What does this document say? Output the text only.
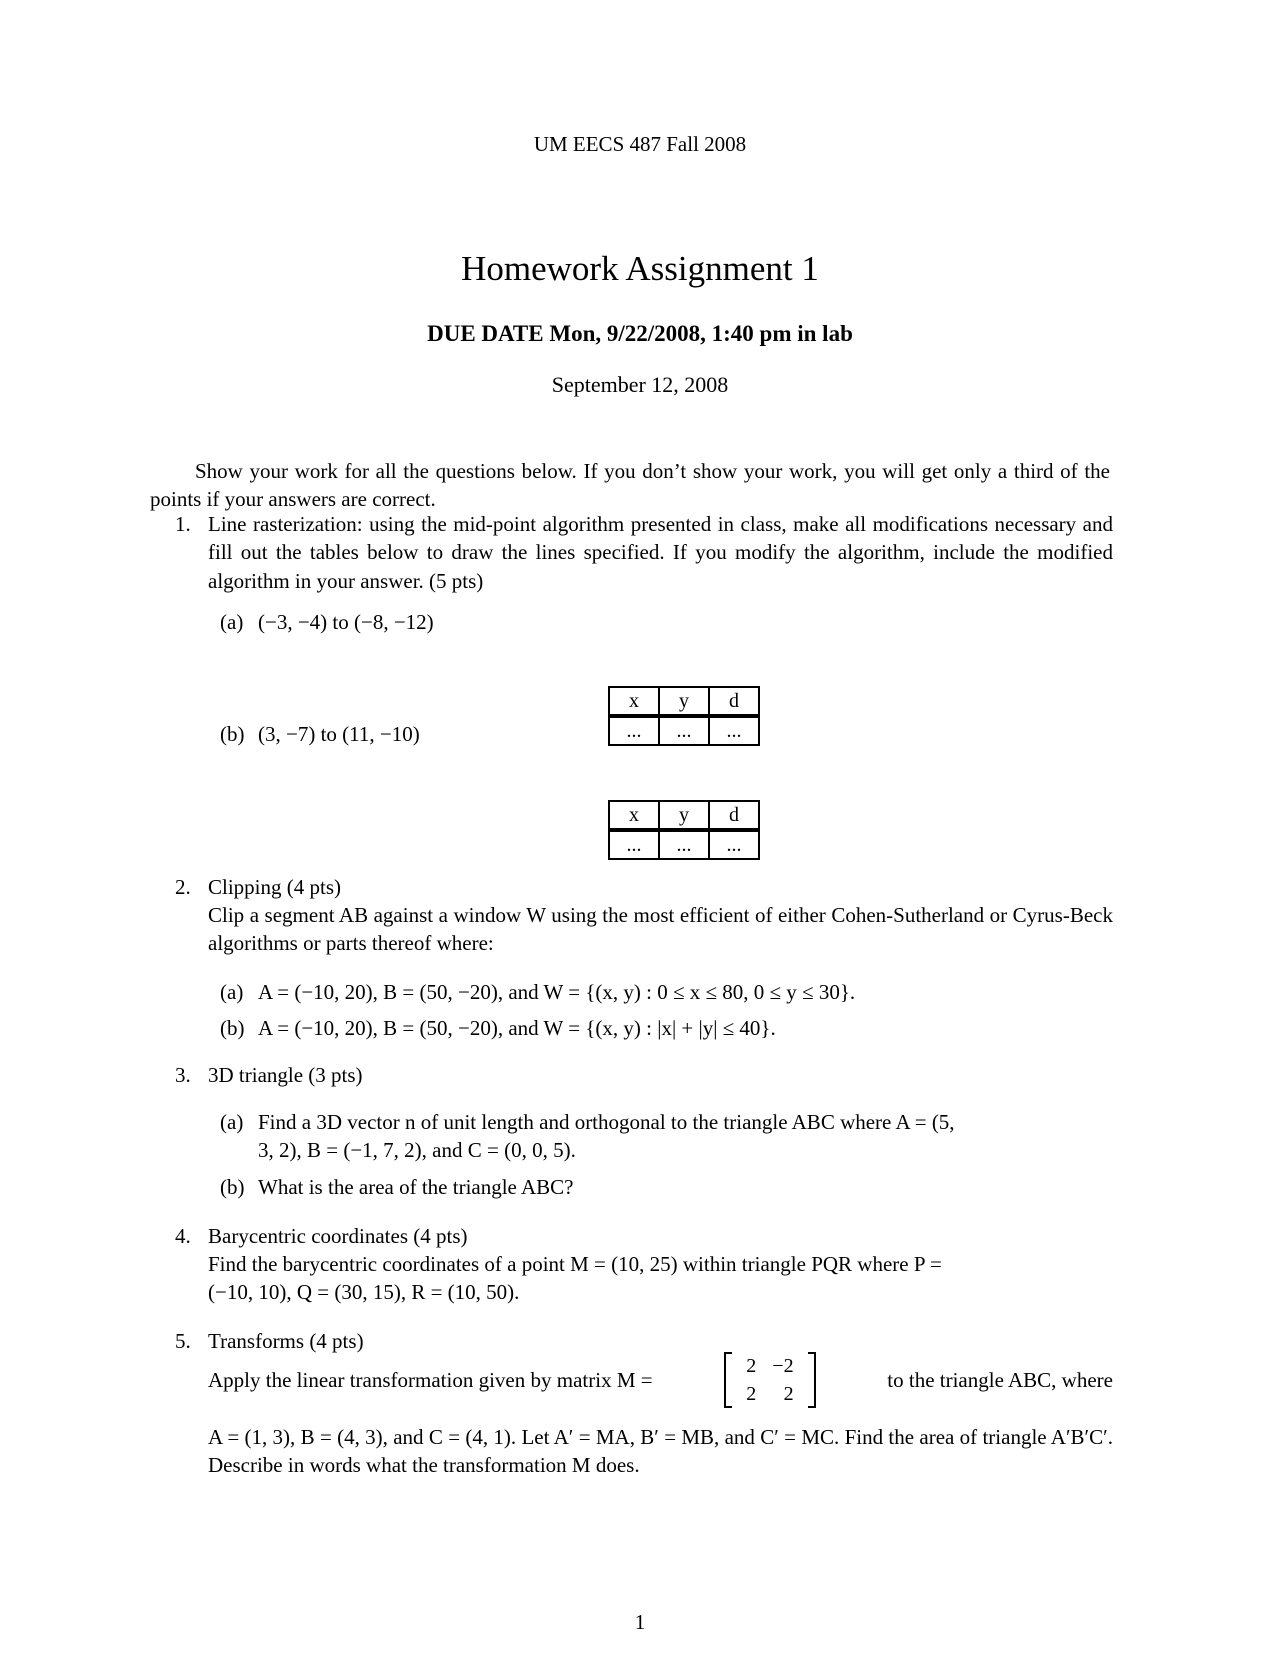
UM EECS 487 Fall 2008
Homework Assignment 1
DUE DATE Mon, 9/22/2008, 1:40 pm in lab
September 12, 2008
Show your work for all the questions below. If you don’t show your work, you will get only a third of the points if your answers are correct.
1. Line rasterization: using the mid-point algorithm presented in class, make all modifications necessary and fill out the tables below to draw the lines specified. If you modify the algorithm, include the modified algorithm in your answer. (5 pts)
(a) (−3, −4) to (−8, −12)
x	y	d
...	...	...
(b) (3, −7) to (11, −10)
x	y	d
...	...	...
2. Clipping (4 pts)
Clip a segment AB against a window W using the most efficient of either Cohen-Sutherland or Cyrus-Beck algorithms or parts thereof where:
(a) A = (−10, 20), B = (50, −20), and W = {(x, y) : 0 ≤ x ≤ 80, 0 ≤ y ≤ 30}.
(b) A = (−10, 20), B = (50, −20), and W = {(x, y) : |x| + |y| ≤ 40}.
3. 3D triangle (3 pts)
(a) Find a 3D vector n of unit length and orthogonal to the triangle ABC where A = (5, 3, 2), B = (−1, 7, 2), and C = (0, 0, 5).
(b) What is the area of the triangle ABC?
4. Barycentric coordinates (4 pts)
Find the barycentric coordinates of a point M = (10, 25) within triangle PQR where P = (−10, 10), Q = (30, 15), R = (10, 50).
5. Transforms (4 pts)
Apply the linear transformation given by matrix M =
2	−2
2	2
to the triangle ABC, where
A = (1, 3), B = (4, 3), and C = (4, 1). Let A′ = MA, B′ = MB, and C′ = MC. Find the area of triangle A′B′C′. Describe in words what the transformation M does.
1
